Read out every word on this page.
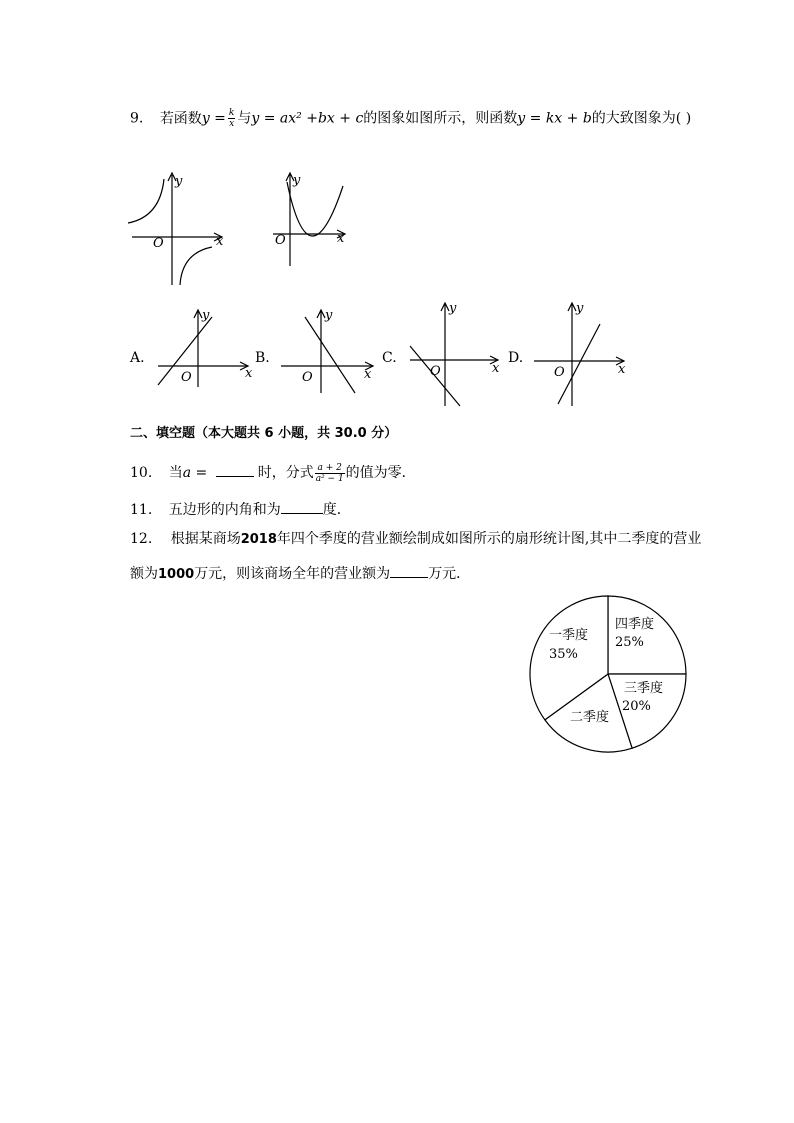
9. 若函数$y = \frac{k}{x}$ 与y = ax² +bx + c的图象如图所示，则函数y = kx + b的大致图象为( )
y
x
O
y
x
O
A.
y
x
O
B.
y
x
O
C.
y
x
O
D.
y
x
O
二、填空题（本大题共 6 小题，共 30.0 分）
10. 当a =	时，分式 $\frac{a + 2}{\text{a² − 1}}$ 的值为零．
11. 五边形的内角和为	度．
12. 根据某商场2018年四个季度的营业额绘制成如图所示的扇形统计图,其中二季度的营业
额为1000万元，则该商场全年的营业额为	万元．
一季度
35%
四季度
25%
三季度
20%
二季度
